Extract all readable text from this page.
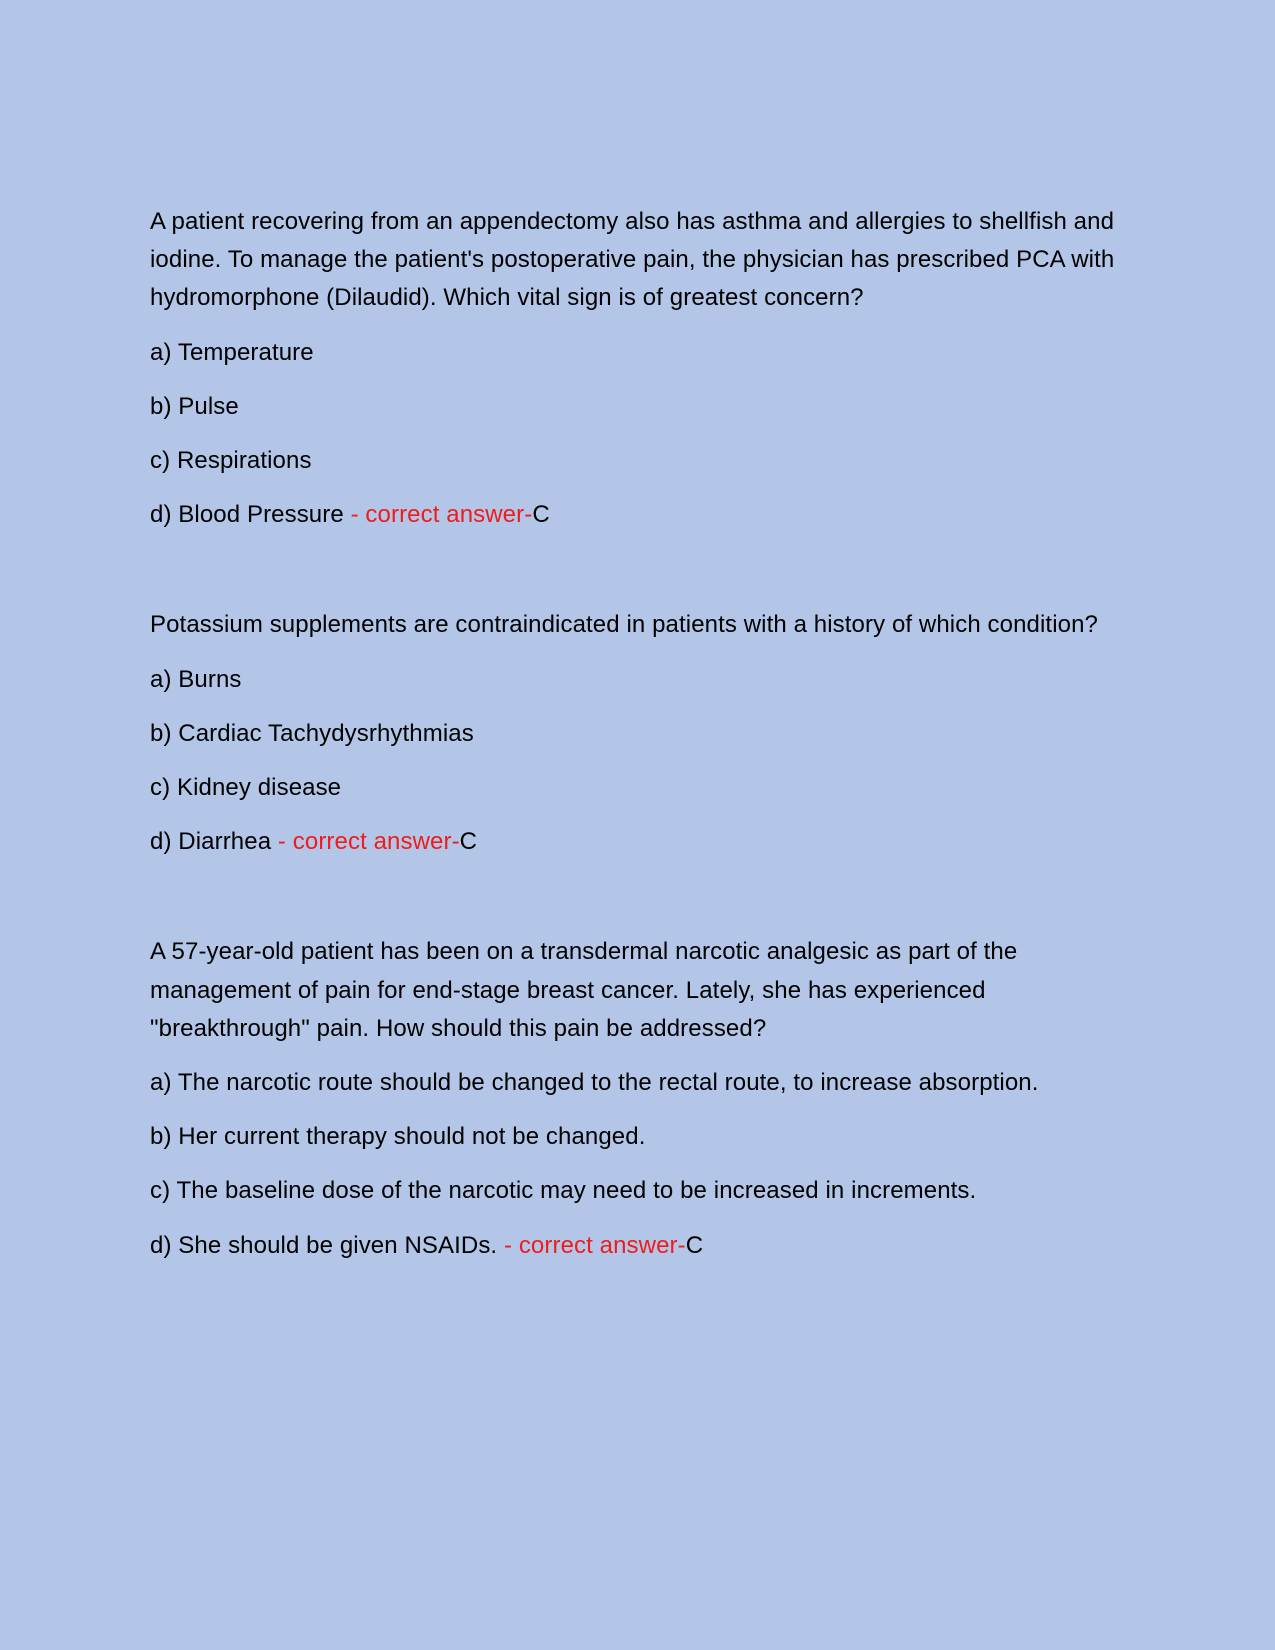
A patient recovering from an appendectomy also has asthma and allergies to shellfish and iodine. To manage the patient's postoperative pain, the physician has prescribed PCA with hydromorphone (Dilaudid). Which vital sign is of greatest concern?

a) Temperature

b) Pulse

c) Respirations

d) Blood Pressure - correct answer-C

Potassium supplements are contraindicated in patients with a history of which condition?

a) Burns

b) Cardiac Tachydysrhythmias

c) Kidney disease

d) Diarrhea - correct answer-C

A 57-year-old patient has been on a transdermal narcotic analgesic as part of the management of pain for end-stage breast cancer. Lately, she has experienced "breakthrough" pain. How should this pain be addressed?

a) The narcotic route should be changed to the rectal route, to increase absorption.

b) Her current therapy should not be changed.

c) The baseline dose of the narcotic may need to be increased in increments.

d) She should be given NSAIDs. - correct answer-C
